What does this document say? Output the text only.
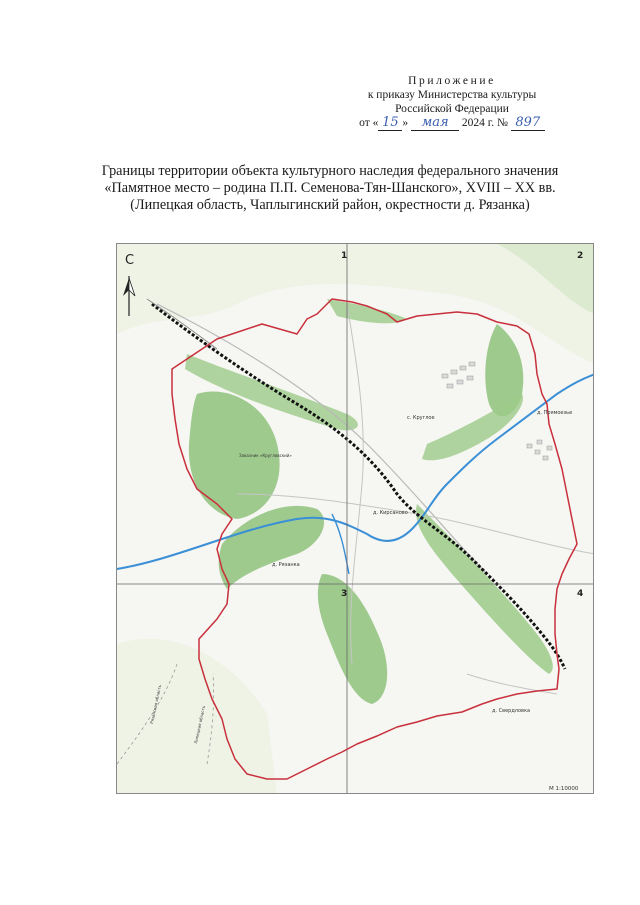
Приложение
к приказу Министерства культуры
Российской Федерации
от « 15 » мая 2024 г. № 897
Границы территории объекта культурного наследия федерального значения
«Памятное место – родина П.П. Семенова-Тян-Шанского», XVIII – XX вв.
(Липецкая область, Чаплыгинский район, окрестности д. Рязанка)
С	1	2
3	4
с. Круглое
д. Кирсаново
д. Рязанка
д. Свердловка
д. Прямоезье
Заказник «Кругловский»
Рязанская область
Липецкая область
М 1:10000
